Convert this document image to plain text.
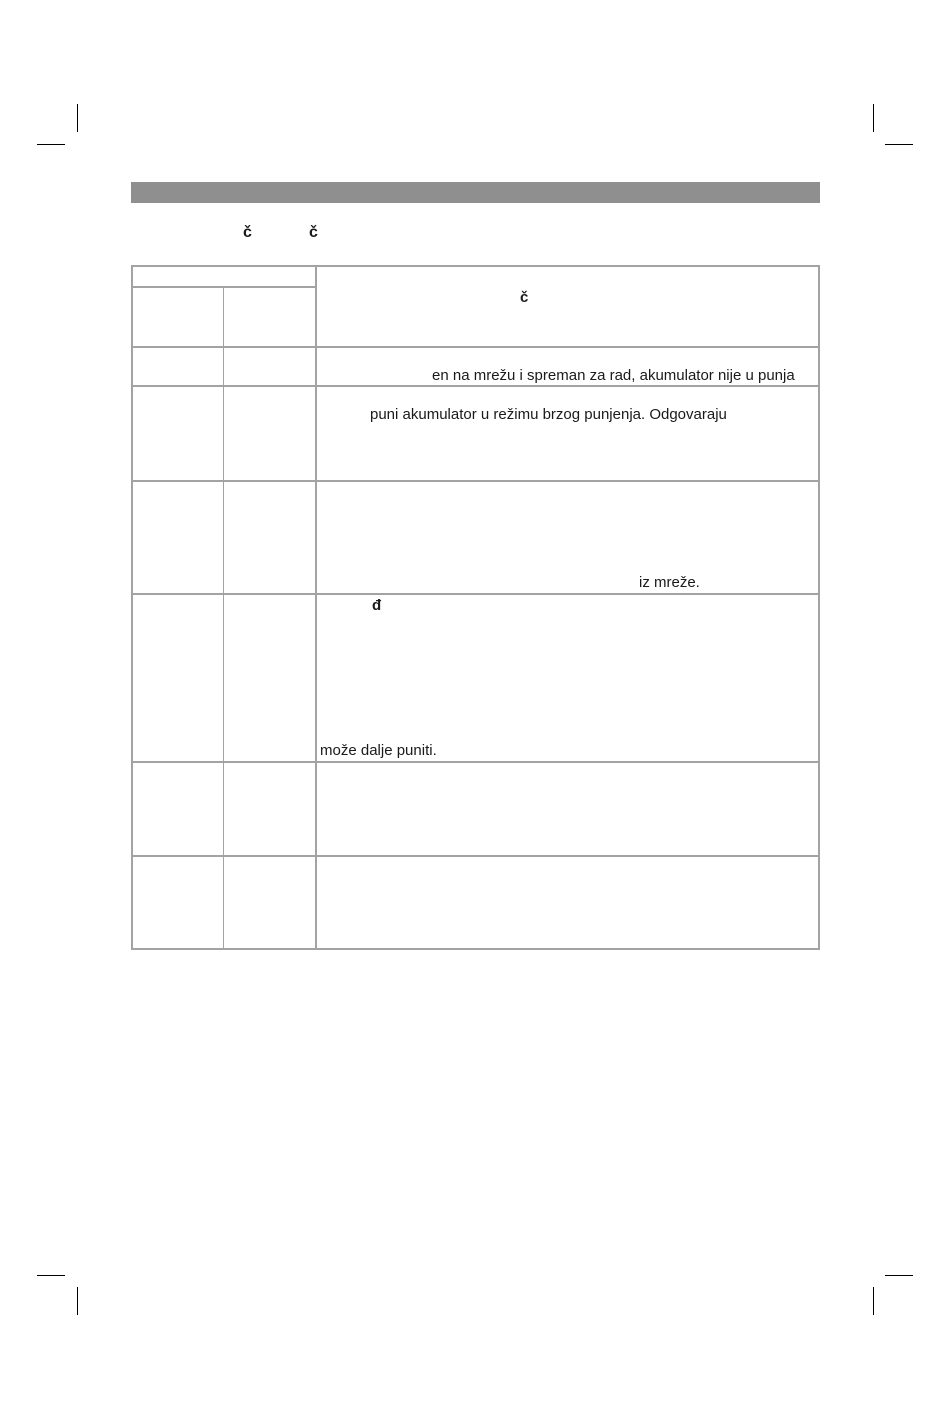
č	č
č
en na mrežu i spreman za rad, akumulator nije u punja
puni akumulator u režimu brzog punjenja. Odgovaraju
iz mreže.
đ
može dalje puniti.
